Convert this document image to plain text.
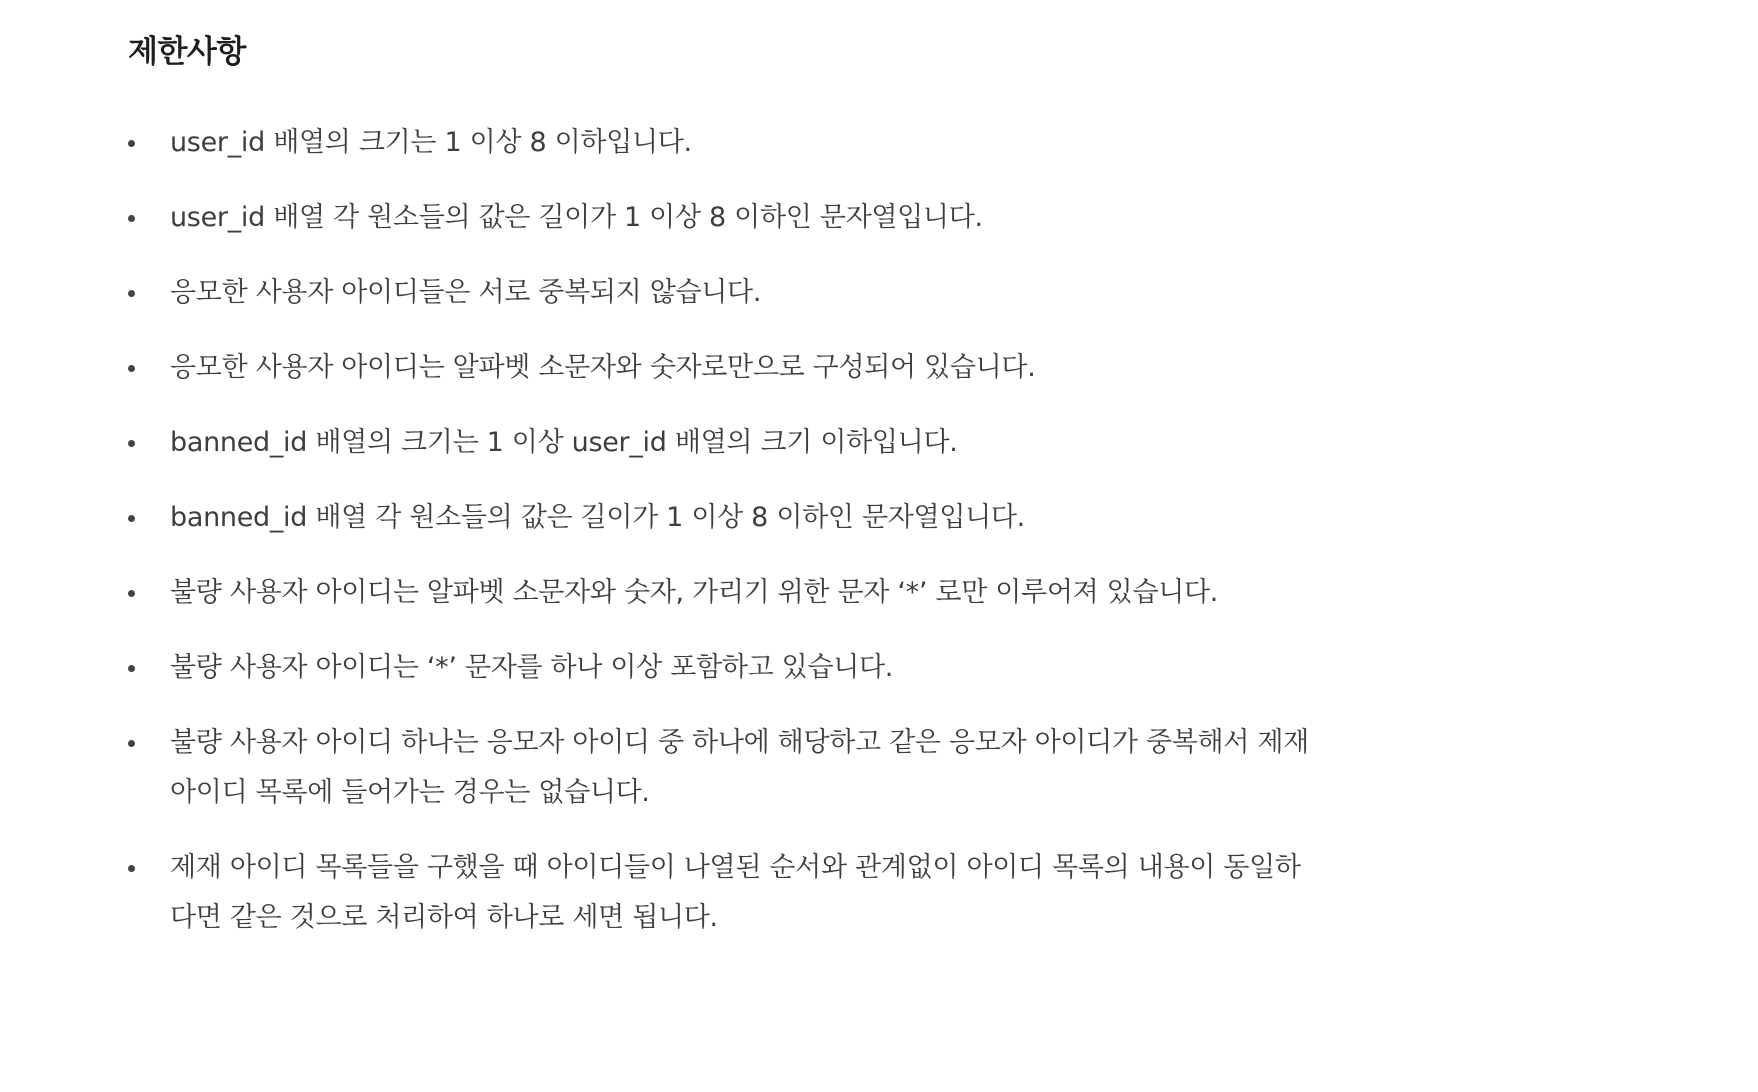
제한사항
user_id 배열의 크기는 1 이상 8 이하입니다.
user_id 배열 각 원소들의 값은 길이가 1 이상 8 이하인 문자열입니다.
응모한 사용자 아이디들은 서로 중복되지 않습니다.
응모한 사용자 아이디는 알파벳 소문자와 숫자로만으로 구성되어 있습니다.
banned_id 배열의 크기는 1 이상 user_id 배열의 크기 이하입니다.
banned_id 배열 각 원소들의 값은 길이가 1 이상 8 이하인 문자열입니다.
불량 사용자 아이디는 알파벳 소문자와 숫자, 가리기 위한 문자 ‘*’ 로만 이루어져 있습니다.
불량 사용자 아이디는 ‘*’ 문자를 하나 이상 포함하고 있습니다.
불량 사용자 아이디 하나는 응모자 아이디 중 하나에 해당하고 같은 응모자 아이디가 중복해서 제재 아이디 목록에 들어가는 경우는 없습니다.
제재 아이디 목록들을 구했을 때 아이디들이 나열된 순서와 관계없이 아이디 목록의 내용이 동일하다면 같은 것으로 처리하여 하나로 세면 됩니다.
